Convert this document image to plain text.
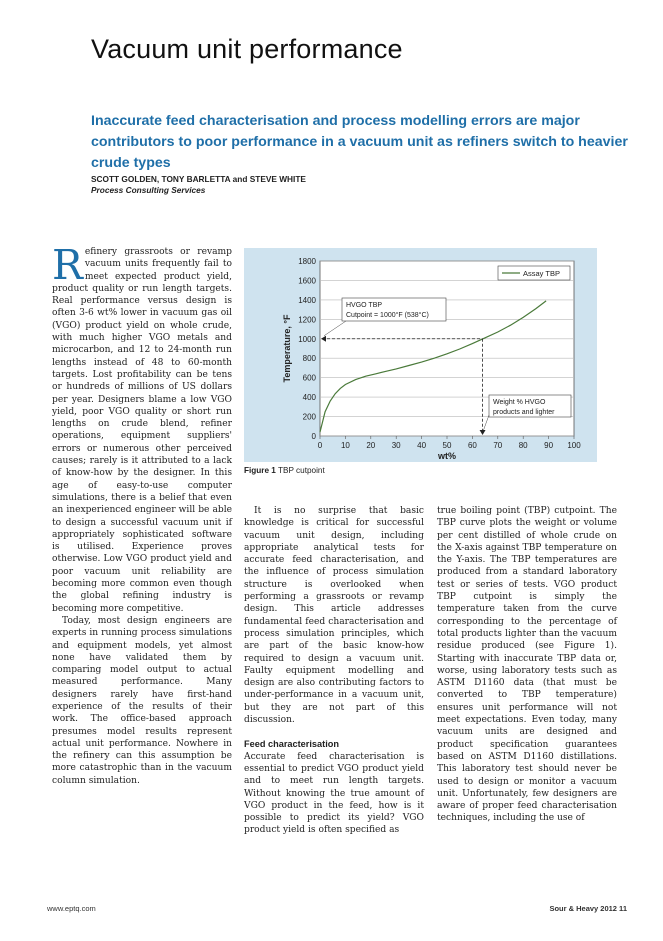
Vacuum unit performance
Inaccurate feed characterisation and process modelling errors are major contributors to poor performance in a vacuum unit as refiners switch to heavier crude types
SCOTT GOLDEN, TONY BARLETTA and STEVE WHITE
Process Consulting Services

Refinery grassroots or revamp vacuum units frequently fail to meet expected product yield, product quality or run length targets. Real performance versus design is often 3-6 wt% lower in vacuum gas oil (VGO) product yield on whole crude, with much higher VGO metals and microcarbon, and 12 to 24-month run lengths instead of 48 to 60-month targets. Lost profitability can be tens or hundreds of millions of US dollars per year. Designers blame a low VGO yield, poor VGO quality or short run lengths on crude blend, refiner operations, equipment suppliers' errors or numerous other perceived causes; rarely is it attributed to a lack of know-how by the designer. In this age of easy-to-use computer simulations, there is a belief that even an inexperienced engineer will be able to design a successful vacuum unit if appropriately sophisticated software is utilised. Experience proves otherwise. Low VGO product yield and poor vacuum unit reliability are becoming more common even though the global refining industry is becoming more competitive.

Today, most design engineers are experts in running process simulations and equipment models, yet almost none have validated them by comparing model output to actual measured performance. Many designers rarely have first-hand experience of the results of their work. The office-based approach presumes model results represent actual unit performance. Nowhere in the refinery can this assumption be more catastrophic than in the vacuum column simulation.

0
200
400
600
800
1000
1200
1400
1600
1800
0 10 20 30 40 50 60 70 80 90 100
wt%
Temperature, °F
HVGO TBP
Cutpoint = 1000°F (538°C)
Weight % HVGO
products and lighter
Assay TBP
Figure 1 TBP cutpoint

It is no surprise that basic knowledge is critical for successful vacuum unit design, including appropriate analytical tests for accurate feed characterisation, and the influence of process simulation structure is overlooked when performing a grassroots or revamp design. This article addresses fundamental feed characterisation and process simulation principles, which are part of the basic know-how required to design a vacuum unit. Faulty equipment modelling and design are also contributing factors to under-performance in a vacuum unit, but they are not part of this discussion.

Feed characterisation

Accurate feed characterisation is essential to predict VGO product yield and to meet run length targets. Without knowing the true amount of VGO product in the feed, how is it possible to predict its yield? VGO product yield is often specified as

true boiling point (TBP) cutpoint. The TBP curve plots the weight or volume per cent distilled of whole crude on the X-axis against TBP temperature on the Y-axis. The TBP temperatures are produced from a standard laboratory test or series of tests. VGO product TBP cutpoint is simply the temperature taken from the curve corresponding to the percentage of total products lighter than the vacuum residue produced (see Figure 1). Starting with inaccurate TBP data or, worse, using laboratory tests such as ASTM D1160 data (that must be converted to TBP temperature) ensures unit performance will not meet expectations. Even today, many vacuum units are designed and product specification guarantees based on ASTM D1160 distillations. This laboratory test should never be used to design or monitor a vacuum unit. Unfortunately, few designers are aware of proper feed characterisation techniques, including the use of

www.eptq.com	Sour & Heavy 2012 11
